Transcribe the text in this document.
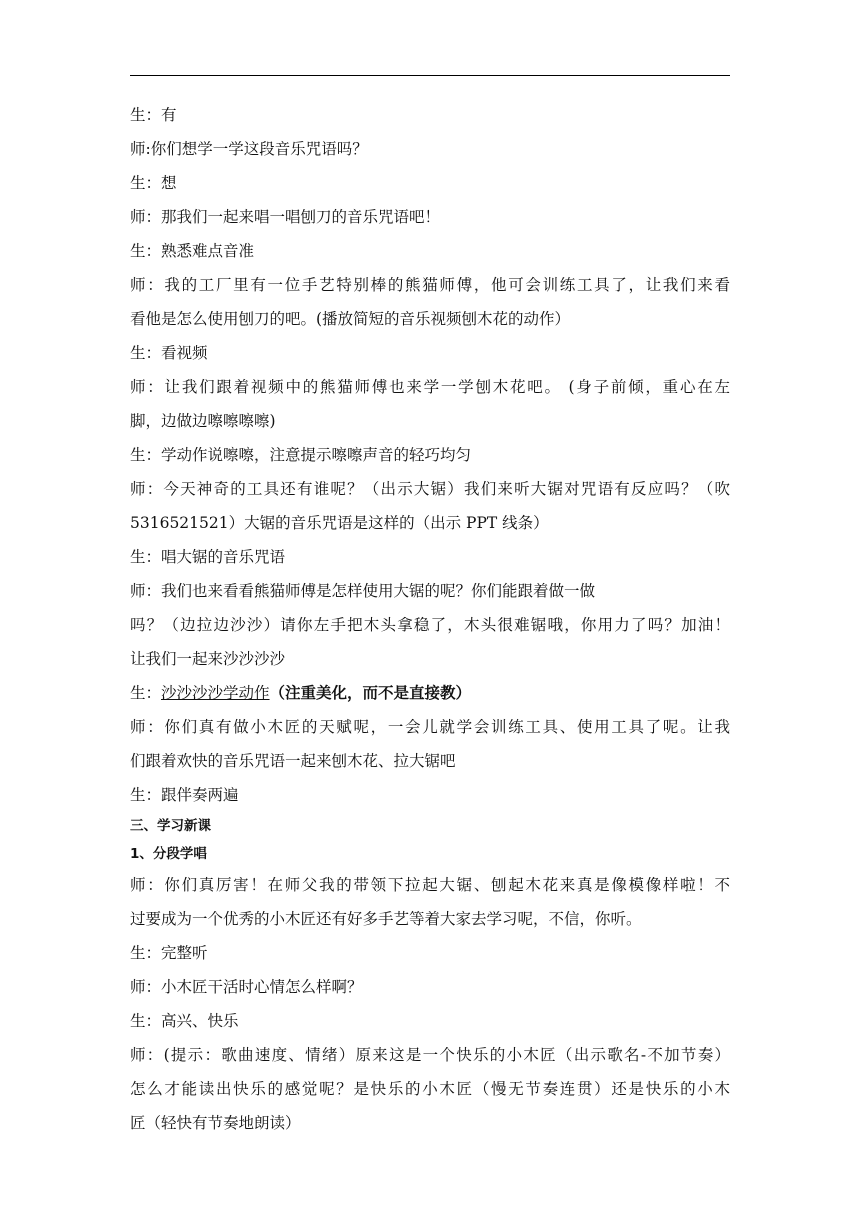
生：有
师:你们想学一学这段音乐咒语吗？
生：想
师：那我们一起来唱一唱刨刀的音乐咒语吧！
生：熟悉难点音准
师：我的工厂里有一位手艺特别棒的熊猫师傅，他可会训练工具了，让我们来看
看他是怎么使用刨刀的吧。(播放简短的音乐视频刨木花的动作）
生：看视频
师：让我们跟着视频中的熊猫师傅也来学一学刨木花吧。 (身子前倾，重心在左
脚，边做边嚓嚓嚓嚓)
生：学动作说嚓嚓，注意提示嚓嚓声音的轻巧均匀
师：今天神奇的工具还有谁呢？（出示大锯）我们来听大锯对咒语有反应吗？（吹
5316521521）大锯的音乐咒语是这样的（出示 PPT 线条）
生：唱大锯的音乐咒语
师：我们也来看看熊猫师傅是怎样使用大锯的呢？你们能跟着做一做
吗？（边拉边沙沙）请你左手把木头拿稳了，木头很难锯哦，你用力了吗？加油！
让我们一起来沙沙沙沙
生：沙沙沙沙学动作（注重美化，而不是直接教）
师：你们真有做小木匠的天赋呢，一会儿就学会训练工具、使用工具了呢。让我
们跟着欢快的音乐咒语一起来刨木花、拉大锯吧
生：跟伴奏两遍
三、学习新课
1、分段学唱
师：你们真厉害！在师父我的带领下拉起大锯、刨起木花来真是像模像样啦！不
过要成为一个优秀的小木匠还有好多手艺等着大家去学习呢，不信，你听。
生：完整听
师：小木匠干活时心情怎么样啊？
生：高兴、快乐
师：(提示：歌曲速度、情绪）原来这是一个快乐的小木匠（出示歌名-不加节奏）
怎么才能读出快乐的感觉呢？是快乐的小木匠（慢无节奏连贯）还是快乐的小木
匠（轻快有节奏地朗读）
